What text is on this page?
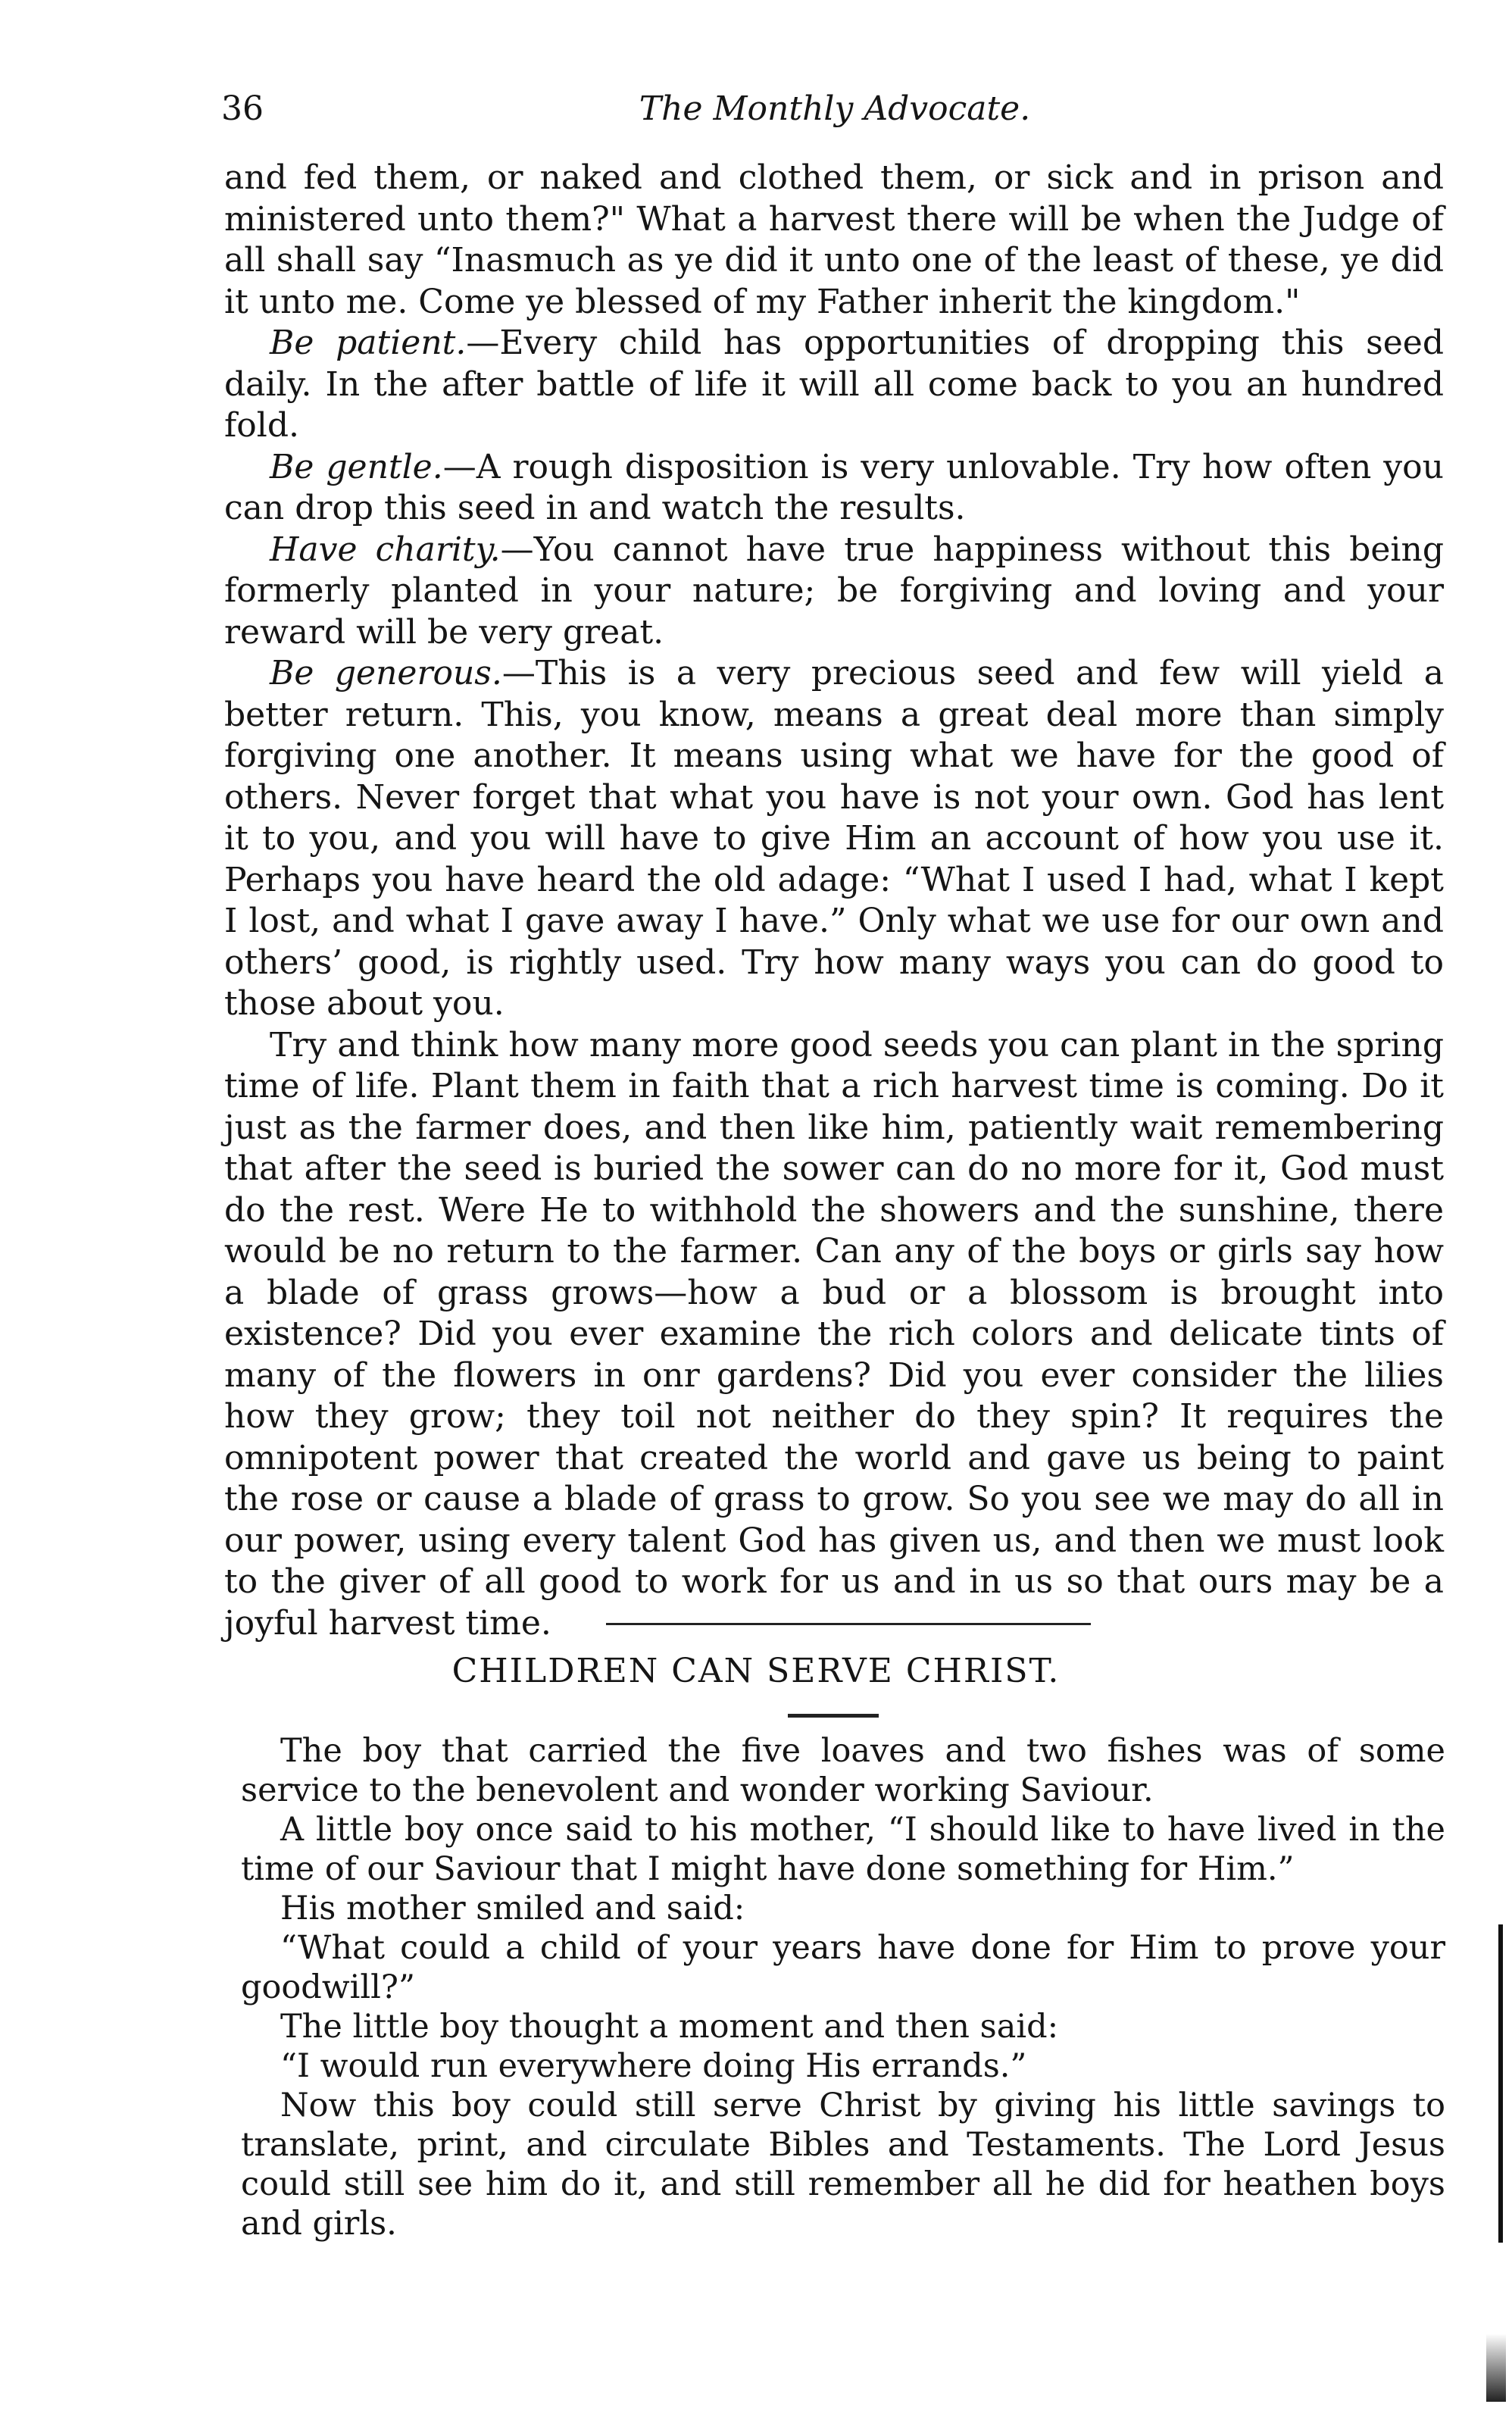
36	The Monthly Advocate.

and fed them, or naked and clothed them, or sick and in prison and ministered unto them?" What a harvest there will be when the Judge of all shall say “Inasmuch as ye did it unto one of the least of these, ye did it unto me. Come ye blessed of my Father inherit the kingdom."

Be patient.—Every child has opportunities of dropping this seed daily. In the after battle of life it will all come back to you an hundred fold.

Be gentle.—A rough disposition is very unlovable. Try how often you can drop this seed in and watch the results.

Have charity.—You cannot have true happiness without this being formerly planted in your nature; be forgiving and loving and your reward will be very great.

Be generous.—This is a very precious seed and few will yield a better return. This, you know, means a great deal more than simply forgiving one another. It means using what we have for the good of others. Never forget that what you have is not your own. God has lent it to you, and you will have to give Him an account of how you use it. Perhaps you have heard the old adage: “What I used I had, what I kept I lost, and what I gave away I have.” Only what we use for our own and others’ good, is rightly used. Try how many ways you can do good to those about you.

Try and think how many more good seeds you can plant in the spring time of life. Plant them in faith that a rich harvest time is coming. Do it just as the farmer does, and then like him, patiently wait remembering that after the seed is buried the sower can do no more for it, God must do the rest. Were He to withhold the showers and the sunshine, there would be no return to the farmer. Can any of the boys or girls say how a blade of grass grows—how a bud or a blossom is brought into existence? Did you ever examine the rich colors and delicate tints of many of the flowers in onr gardens? Did you ever consider the lilies how they grow; they toil not neither do they spin? It requires the omnipotent power that created the world and gave us being to paint the rose or cause a blade of grass to grow. So you see we may do all in our power, using every talent God has given us, and then we must look to the giver of all good to work for us and in us so that ours may be a joyful harvest time.

CHILDREN CAN SERVE CHRIST.

The boy that carried the five loaves and two fishes was of some service to the benevolent and wonder working Saviour.

A little boy once said to his mother, “I should like to have lived in the time of our Saviour that I might have done something for Him.”

His mother smiled and said:

“What could a child of your years have done for Him to prove your goodwill?”

The little boy thought a moment and then said:

“I would run everywhere doing His errands.”

Now this boy could still serve Christ by giving his little savings to translate, print, and circulate Bibles and Testaments. The Lord Jesus could still see him do it, and still remember all he did for heathen boys and girls.
